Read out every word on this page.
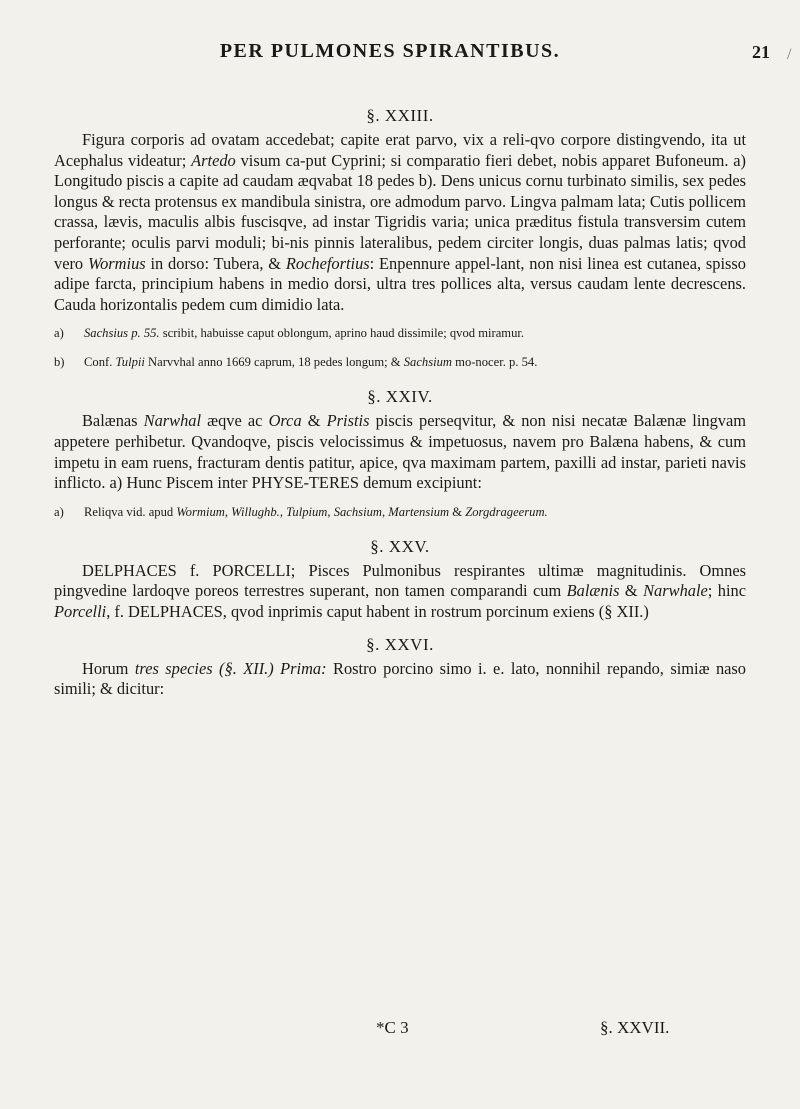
PER PULMONES SPIRANTIBUS.	21 /
§. XXIII.

Figura corporis ad ovatam accedebat; capite erat parvo, vix a reli-qvo corpore distingvendo, ita ut Acephalus videatur; Artedo visum ca-put Cyprini; si comparatio fieri debet, nobis apparet Bufoneum. a) Longitudo piscis a capite ad caudam æqvabat 18 pedes b). Dens unicus cornu turbinato similis, sex pedes longus & recta protensus ex mandibula sinistra, ore admodum parvo. Lingva palmam lata; Cutis pollicem crassa, lævis, maculis albis fuscisqve, ad instar Tigridis varia; unica præditus fistula transversim cutem perforante; oculis parvi moduli; bi-nis pinnis lateralibus, pedem circiter longis, duas palmas latis; qvod vero Wormius in dorso: Tubera, & Rochefortius: Enpennure appel-lant, non nisi linea est cutanea, spisso adipe farcta, principium habens in medio dorsi, ultra tres pollices alta, versus caudam lente decrescens. Cauda horizontalis pedem cum dimidio lata.

a) Sachsius p. 55. scribit, habuisse caput oblongum, aprino haud dissimile; qvod miramur.
b) Conf. Tulpii Narvvhal anno 1669 caprum, 18 pedes longum; & Sachsium mo-nocer. p. 54.
§. XXIV.

Balænas Narwhal æqve ac Orca & Pristis piscis perseqvitur, & non nisi necatæ Balænæ lingvam appetere perhibetur. Qvandoqve, piscis velocissimus & impetuosus, navem pro Balæna habens, & cum impetu in eam ruens, fracturam dentis patitur, apice, qva maximam partem, paxilli ad instar, parieti navis inflicto. a) Hunc Piscem inter PHYSE-TERES demum excipiunt:

a) Reliqva vid. apud Wormium, Willughb., Tulpium, Sachsium, Martensium & Zorgdrageerum.
§. XXV.

DELPHACES f. PORCELLI; Pisces Pulmonibus respirantes ultimæ magnitudinis. Omnes pingvedine lardoqve poreos terrestres superant, non tamen comparandi cum Balænis & Narwhale; hinc Porcelli, f. DELPHACES, qvod inprimis caput habent in rostrum porcinum exiens (§ XII.)

§. XXVI.

Horum tres species (§. XII.) Prima: Rostro porcino simo i. e. lato, nonnihil repando, simiæ naso simili; & dicitur:

*C 3	§. XXVII.
